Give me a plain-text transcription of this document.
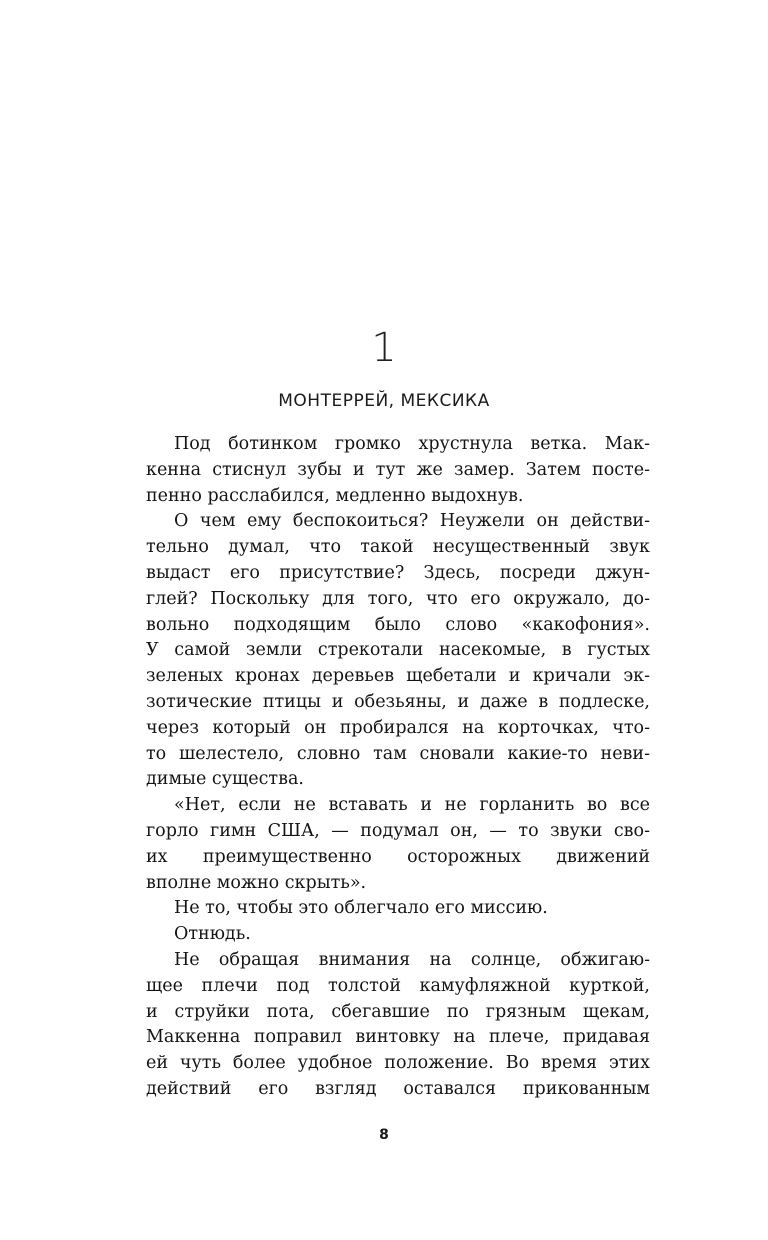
1
МОНТЕРРЕЙ, МЕКСИКА
Под ботинком громко хрустнула ветка. Мак-
кенна стиснул зубы и тут же замер. Затем посте-
пенно расслабился, медленно выдохнув.
О чем ему беспокоиться? Неужели он действи-
тельно думал, что такой несущественный звук
выдаст его присутствие? Здесь, посреди джун-
глей? Поскольку для того, что его окружало, до-
вольно подходящим было слово «какофония».
У самой земли стрекотали насекомые, в густых
зеленых кронах деревьев щебетали и кричали эк-
зотические птицы и обезьяны, и даже в подлеске,
через который он пробирался на корточках, что-
то шелестело, словно там сновали какие-то неви-
димые существа.
«Нет, если не вставать и не горланить во все
горло гимн США, — подумал он, — то звуки сво-
их преимущественно осторожных движений
вполне можно скрыть».
Не то, чтобы это облегчало его миссию.
Отнюдь.
Не обращая внимания на солнце, обжигаю-
щее плечи под толстой камуфляжной курткой,
и струйки пота, сбегавшие по грязным щекам,
Маккенна поправил винтовку на плече, придавая
ей чуть более удобное положение. Во время этих
действий его взгляд оставался прикованным
8
